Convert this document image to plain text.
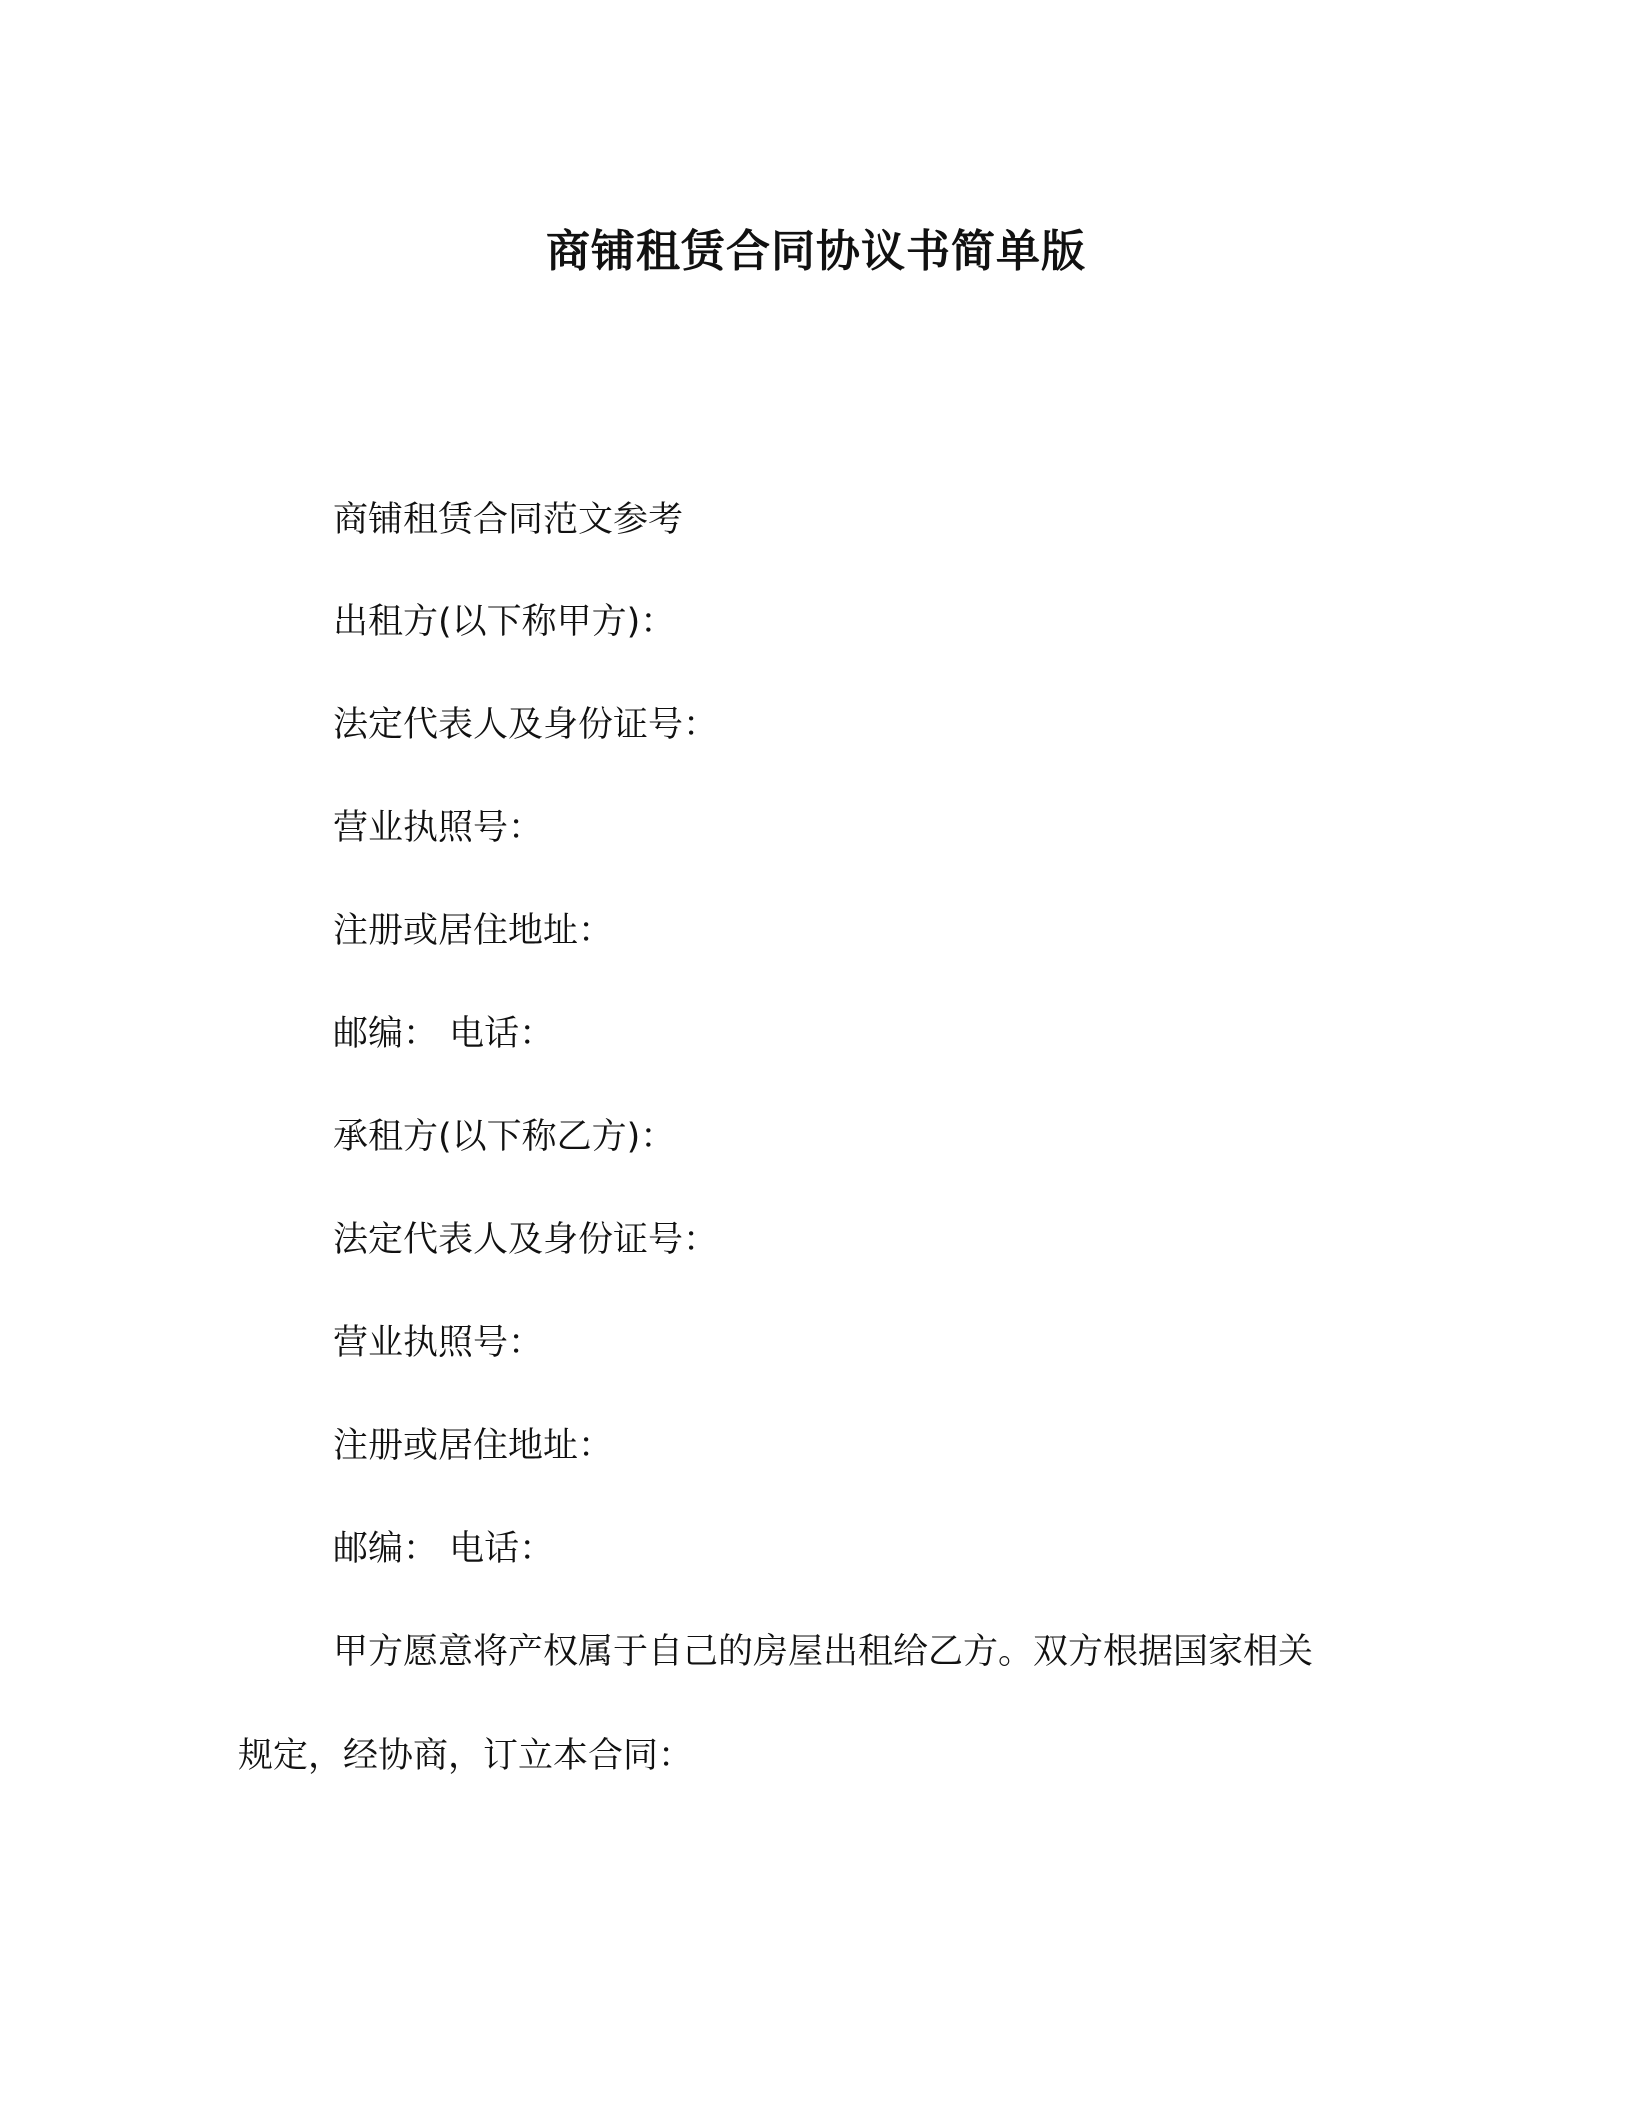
商铺租赁合同协议书简单版
商铺租赁合同范文参考
出租方(以下称甲方)：
法定代表人及身份证号：
营业执照号：
注册或居住地址：
邮编： 电话：
承租方(以下称乙方)：
法定代表人及身份证号：
营业执照号：
注册或居住地址：
邮编： 电话：
甲方愿意将产权属于自己的房屋出租给乙方。双方根据国家相关
规定，经协商，订立本合同：
